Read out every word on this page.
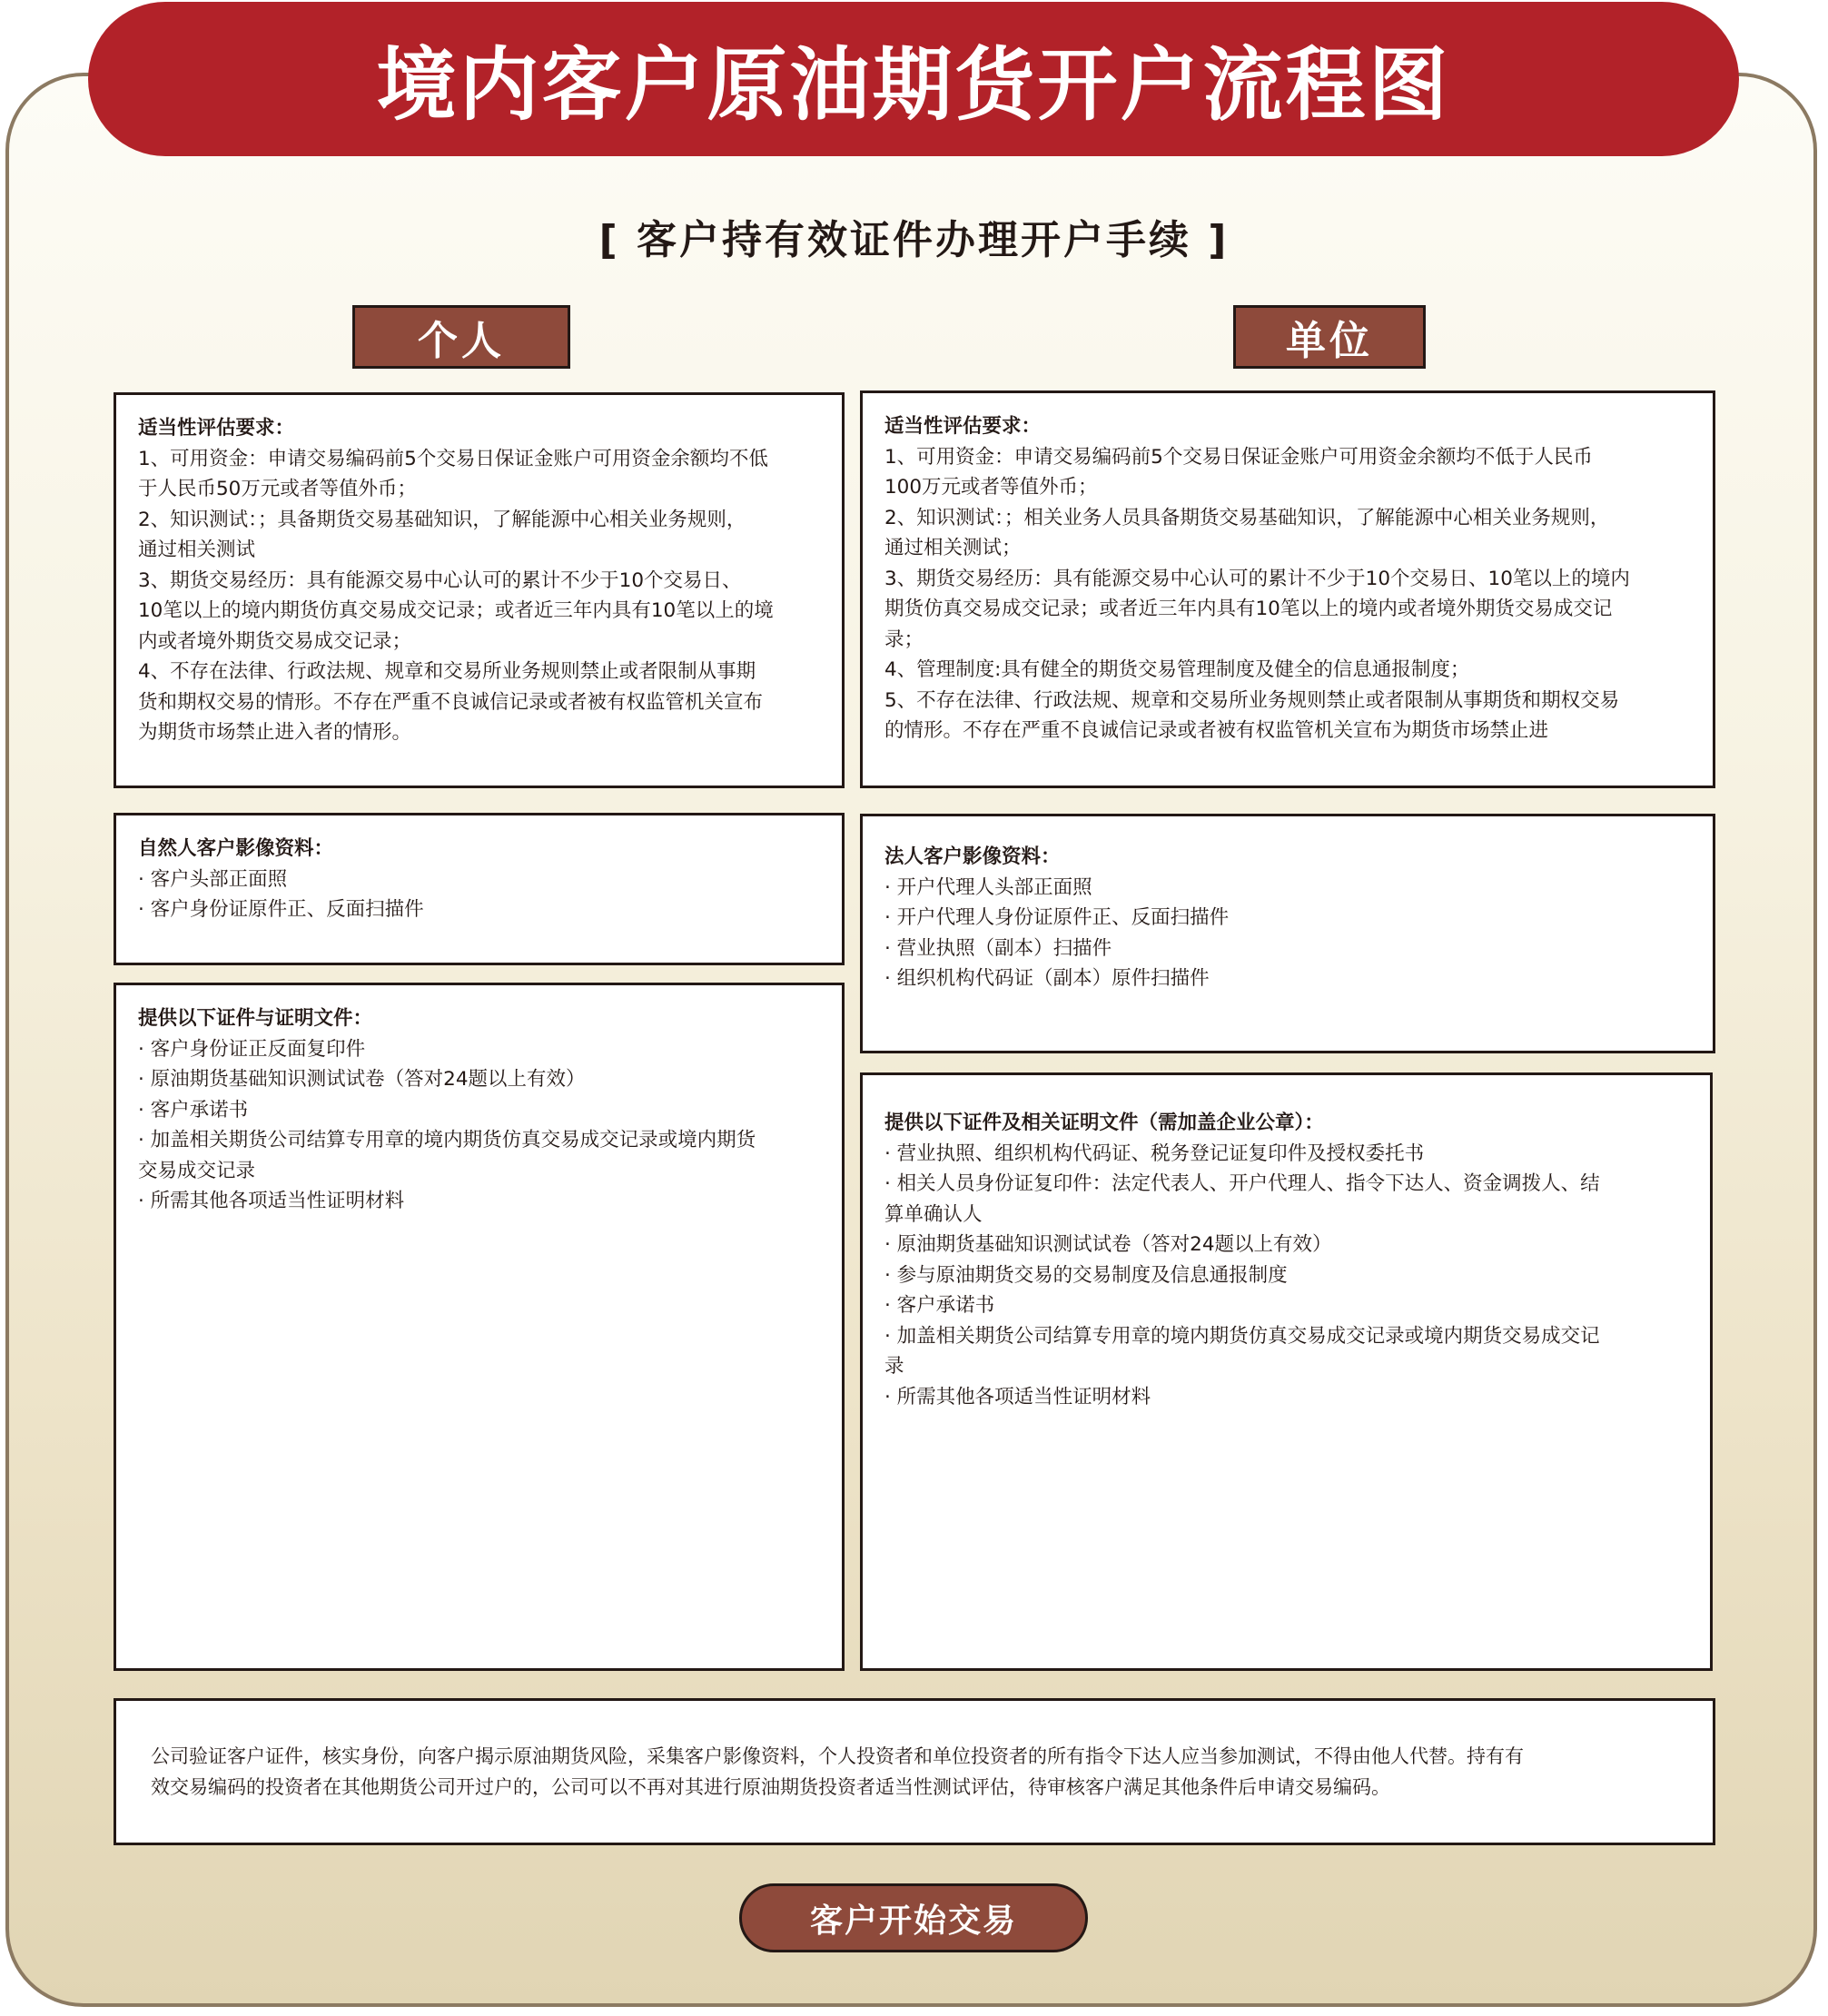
境内客户原油期货开户流程图
[ 客户持有效证件办理开户手续 ]
个人	单位
适当性评估要求：
1、可用资金：申请交易编码前5个交易日保证金账户可用资金余额均不低
于人民币50万元或者等值外币；
2、知识测试：；具备期货交易基础知识，了解能源中心相关业务规则，
通过相关测试
3、期货交易经历：具有能源交易中心认可的累计不少于10个交易日、
10笔以上的境内期货仿真交易成交记录；或者近三年内具有10笔以上的境
内或者境外期货交易成交记录；
4、不存在法律、行政法规、规章和交易所业务规则禁止或者限制从事期
货和期权交易的情形。不存在严重不良诚信记录或者被有权监管机关宣布
为期货市场禁止进入者的情形。
适当性评估要求：
1、可用资金：申请交易编码前5个交易日保证金账户可用资金余额均不低于人民币
100万元或者等值外币；
2、知识测试：；相关业务人员具备期货交易基础知识，了解能源中心相关业务规则，
通过相关测试；
3、期货交易经历：具有能源交易中心认可的累计不少于10个交易日、10笔以上的境内
期货仿真交易成交记录；或者近三年内具有10笔以上的境内或者境外期货交易成交记
录；
4、管理制度:具有健全的期货交易管理制度及健全的信息通报制度；
5、不存在法律、行政法规、规章和交易所业务规则禁止或者限制从事期货和期权交易
的情形。不存在严重不良诚信记录或者被有权监管机关宣布为期货市场禁止进
自然人客户影像资料：
· 客户头部正面照
· 客户身份证原件正、反面扫描件
法人客户影像资料：
· 开户代理人头部正面照
· 开户代理人身份证原件正、反面扫描件
· 营业执照（副本）扫描件
· 组织机构代码证（副本）原件扫描件
提供以下证件与证明文件：
· 客户身份证正反面复印件
· 原油期货基础知识测试试卷（答对24题以上有效）
· 客户承诺书
· 加盖相关期货公司结算专用章的境内期货仿真交易成交记录或境内期货
交易成交记录
· 所需其他各项适当性证明材料
提供以下证件及相关证明文件（需加盖企业公章）：
· 营业执照、组织机构代码证、税务登记证复印件及授权委托书
· 相关人员身份证复印件：法定代表人、开户代理人、指令下达人、资金调拨人、结
算单确认人
· 原油期货基础知识测试试卷（答对24题以上有效）
· 参与原油期货交易的交易制度及信息通报制度
· 客户承诺书
· 加盖相关期货公司结算专用章的境内期货仿真交易成交记录或境内期货交易成交记
录
· 所需其他各项适当性证明材料
公司验证客户证件，核实身份，向客户揭示原油期货风险，采集客户影像资料，个人投资者和单位投资者的所有指令下达人应当参加测试，不得由他人代替。持有有
效交易编码的投资者在其他期货公司开过户的，公司可以不再对其进行原油期货投资者适当性测试评估，待审核客户满足其他条件后申请交易编码。
客户开始交易
